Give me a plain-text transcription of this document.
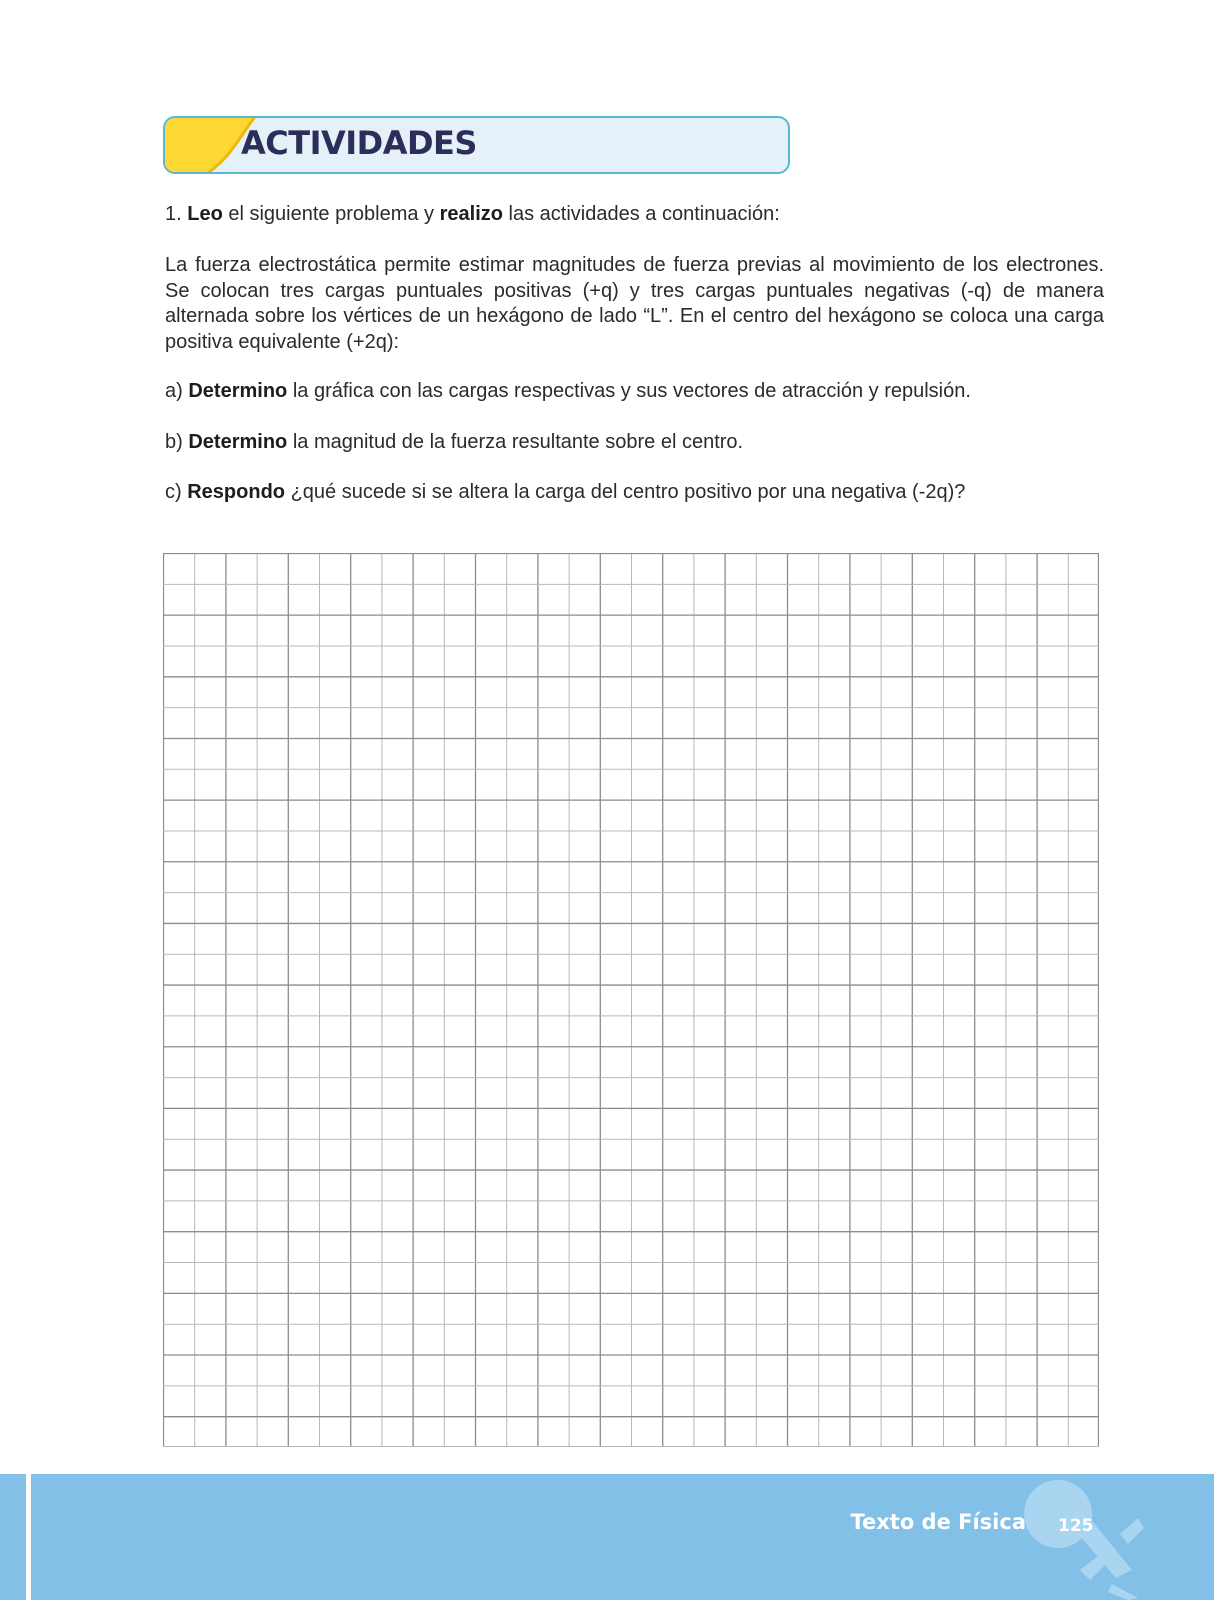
ACTIVIDADES
1. Leo el siguiente problema y realizo las actividades a continuación:
La fuerza electrostática permite estimar magnitudes de fuerza previas al movimiento de los electrones. Se colocan tres cargas puntuales positivas (+q) y tres cargas puntuales negativas (-q) de manera alternada sobre los vértices de un hexágono de lado “L”. En el centro del hexágono se coloca una carga positiva equivalente (+2q):
a) Determino la gráfica con las cargas respectivas y sus vectores de atracción y repulsión.
b) Determino la magnitud de la fuerza resultante sobre el centro.
c) Respondo ¿qué sucede si se altera la carga del centro positivo por una negativa (-2q)?
Texto de Física 125
